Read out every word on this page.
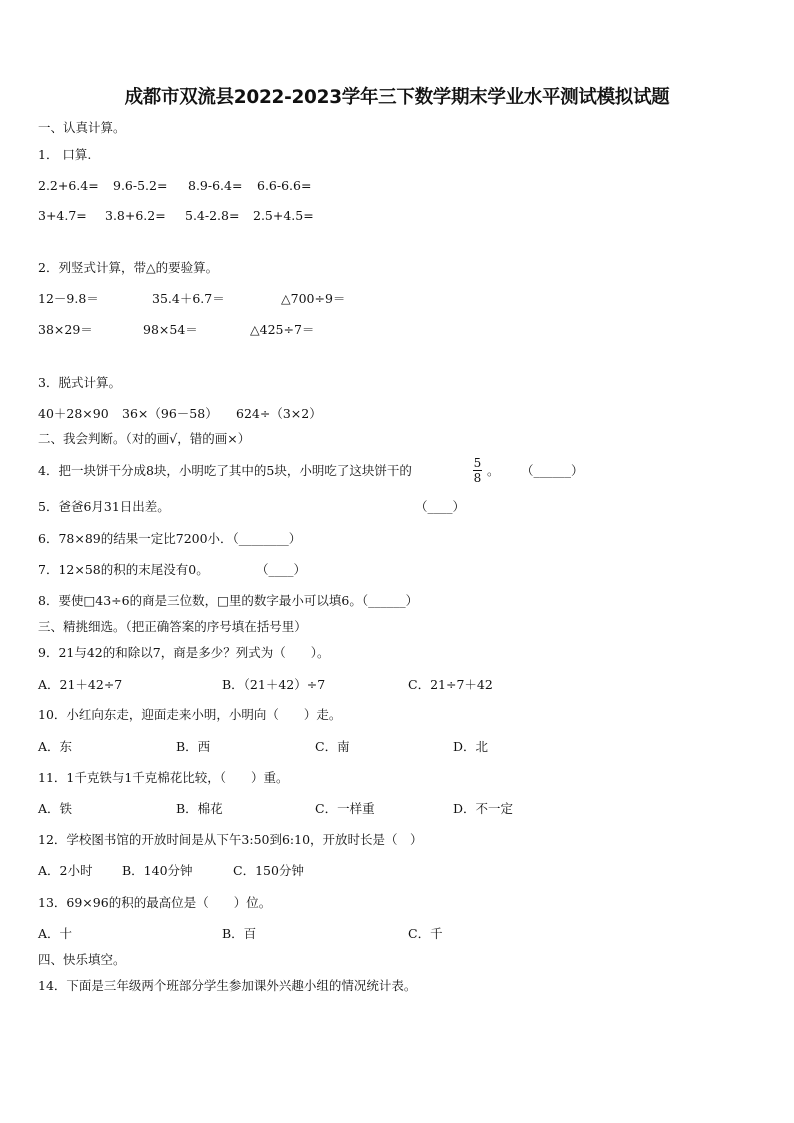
成都市双流县2022-2023学年三下数学期末学业水平测试模拟试题
一、认真计算。
1． 口算.
2.2+6.4= 9.6-5.2= 8.9-6.4= 6.6-6.6=
3+4.7= 3.8+6.2= 5.4-2.8= 2.5+4.5=
2．列竖式计算，带△的要验算。
12－9.8＝	35.4＋6.7＝	△700÷9＝
38×29＝	98×54＝	△425÷7＝
3．脱式计算。
40＋28×90 36×（96－58） 624÷（3×2）
二、我会判断。（对的画√，错的画×）
4．把一块饼干分成8块，小明吃了其中的5块，小明吃了这块饼干的	5
8 。 （______）
5．爸爸6月31日出差。	（____）
6．78×89的结果一定比7200小．（________）
7．12×58的积的末尾没有0。	（____）
8．要使□43÷6的商是三位数，□里的数字最小可以填6。（______）
三、精挑细选。（把正确答案的序号填在括号里）
9．21与42的和除以7，商是多少？列式为（　　）。
A．21＋42÷7	B．（21＋42）÷7	C．21÷7＋42
10．小红向东走，迎面走来小明，小明向（　　）走。
A．东	B．西	C．南	D．北
11．1千克铁与1千克棉花比较，（　　）重。
A．铁	B．棉花	C．一样重	D．不一定
12．学校图书馆的开放时间是从下午3:50到6:10，开放时长是（　）
A．2小时 B．140分钟	C．150分钟
13．69×96的积的最高位是（　　）位。
A．十	B．百	C．千
四、快乐填空。
14．下面是三年级两个班部分学生参加课外兴趣小组的情况统计表。
